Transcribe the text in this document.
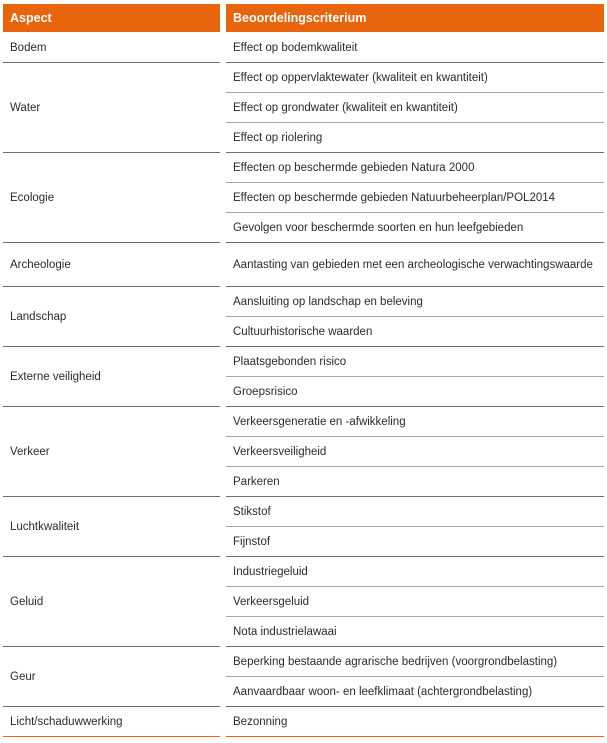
Aspect		Beoordelingscriterium
Bodem		Effect op bodemkwaliteit
Water		Effect op oppervlaktewater (kwaliteit en kwantiteit)
		Effect op grondwater (kwaliteit en kwantiteit)
		Effect op riolering
Ecologie		Effecten op beschermde gebieden Natura 2000
		Effecten op beschermde gebieden Natuurbeheerplan/POL2014
		Gevolgen voor beschermde soorten en hun leefgebieden
Archeologie		Aantasting van gebieden met een archeologische verwachtingswaarde
Landschap		Aansluiting op landschap en beleving
		Cultuurhistorische waarden
Externe veiligheid		Plaatsgebonden risico
		Groepsrisico
Verkeer		Verkeersgeneratie en -afwikkeling
		Verkeersveiligheid
		Parkeren
Luchtkwaliteit		Stikstof
		Fijnstof
Geluid		Industriegeluid
		Verkeersgeluid
		Nota industrielawaai
Geur		Beperking bestaande agrarische bedrijven (voorgrondbelasting)
		Aanvaardbaar woon- en leefklimaat (achtergrondbelasting)
Licht/schaduwwerking		Bezonning
